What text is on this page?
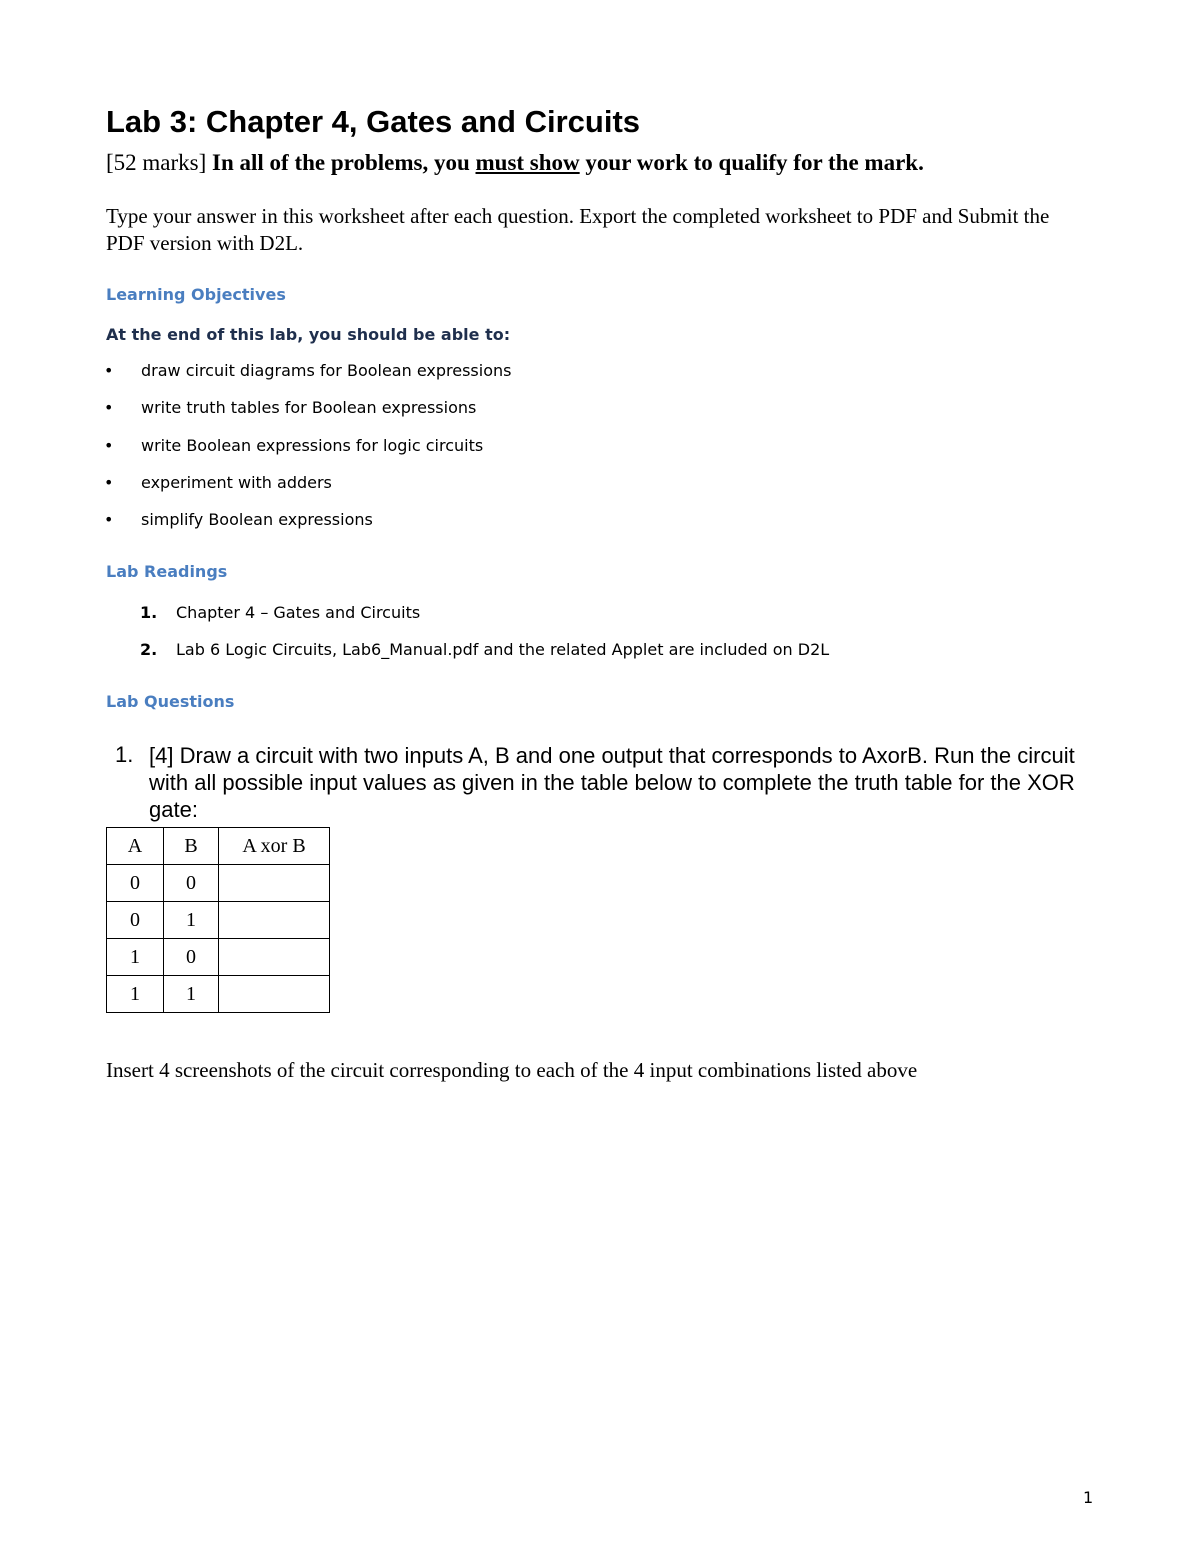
Lab 3: Chapter 4, Gates and Circuits
[52 marks] In all of the problems, you must show your work to qualify for the mark.
Type your answer in this worksheet after each question. Export the completed worksheet to PDF and Submit the PDF version with D2L.
Learning Objectives
At the end of this lab, you should be able to:
• draw circuit diagrams for Boolean expressions
• write truth tables for Boolean expressions
• write Boolean expressions for logic circuits
• experiment with adders
• simplify Boolean expressions
Lab Readings
1. Chapter 4 – Gates and Circuits
2. Lab 6 Logic Circuits, Lab6_Manual.pdf and the related Applet are included on D2L
Lab Questions
1. [4] Draw a circuit with two inputs A, B and one output that corresponds to AxorB. Run the circuit with all possible input values as given in the table below to complete the truth table for the XOR gate:
A	B	A xor B
0	0	
0	1	
1	0	
1	1	
Insert 4 screenshots of the circuit corresponding to each of the 4 input combinations listed above
1
